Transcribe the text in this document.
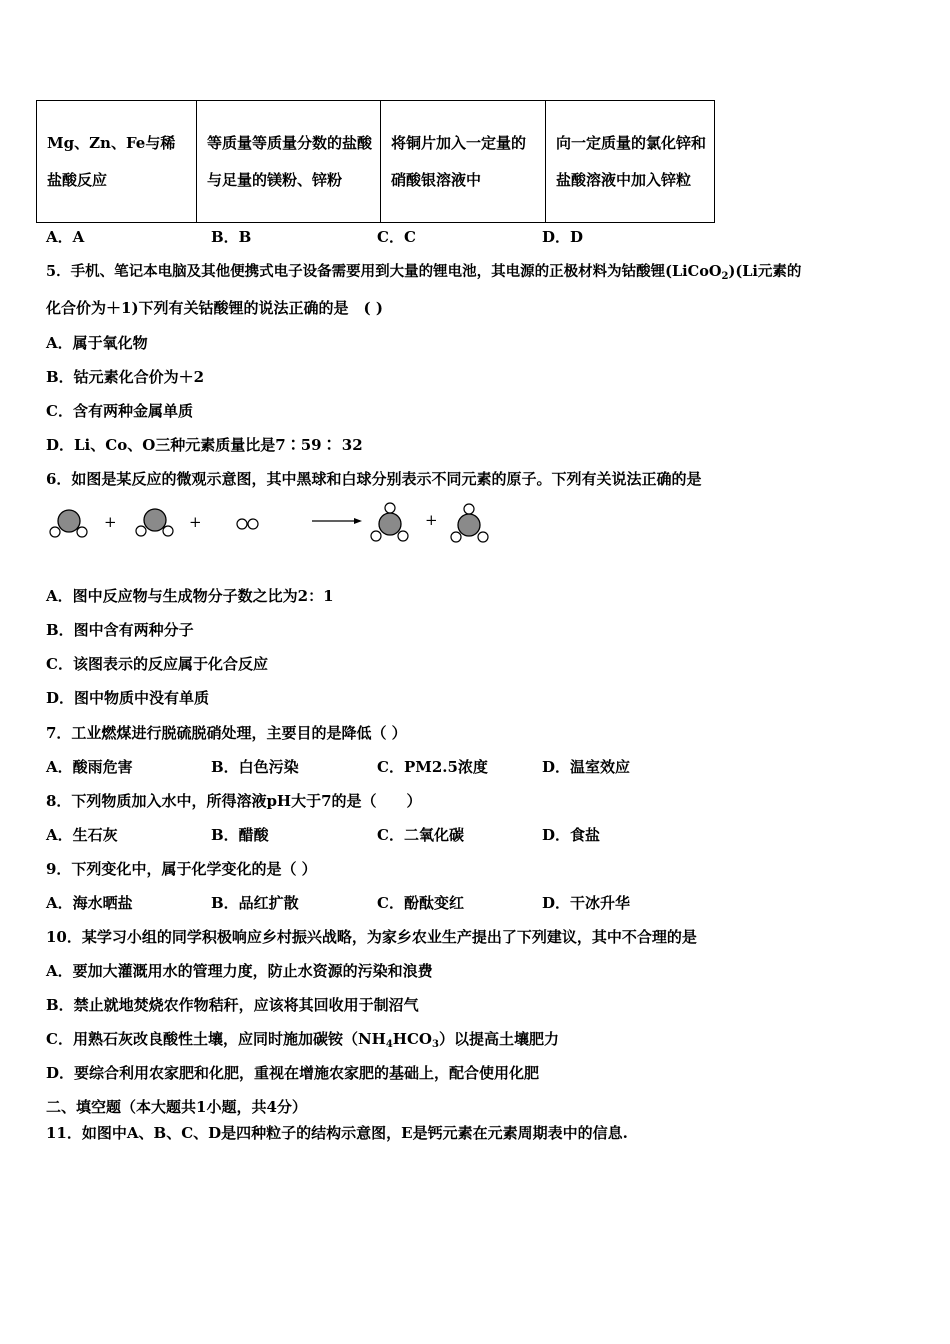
Mg、Zn、Fe与稀盐酸反应	等质量等质量分数的盐酸与足量的镁粉、锌粉	将铜片加入一定量的硝酸银溶液中	向一定质量的氯化锌和盐酸溶液中加入锌粒
A．A	B．B	C．C	D．D
5．手机、笔记本电脑及其他便携式电子设备需要用到大量的锂电池，其电源的正极材料为钴酸锂(LiCoO$_2$)(Li元素的
化合价为＋1)下列有关钴酸锂的说法正确的是　( )
A．属于氧化物
B．钴元素化合价为＋2
C．含有两种金属单质
D．Li、Co、O三种元素质量比是7∶59∶ 32
6．如图是某反应的微观示意图，其中黑球和白球分别表示不同元素的原子。下列有关说法正确的是
+	+	+
A．图中反应物与生成物分子数之比为2：1
B．图中含有两种分子
C．该图表示的反应属于化合反应
D．图中物质中没有单质
7．工业燃煤进行脱硫脱硝处理，主要目的是降低（ ）
A．酸雨危害	B．白色污染	C．PM2.5浓度	D．温室效应
8．下列物质加入水中，所得溶液pH大于7的是（　　）
A．生石灰	B．醋酸	C．二氧化碳	D．食盐
9．下列变化中，属于化学变化的是（ ）
A．海水晒盐	B．品红扩散	C．酚酞变红	D．干冰升华
10．某学习小组的同学积极响应乡村振兴战略，为家乡农业生产提出了下列建议，其中不合理的是
A．要加大灌溉用水的管理力度，防止水资源的污染和浪费
B．禁止就地焚烧农作物秸秆，应该将其回收用于制沼气
C．用熟石灰改良酸性土壤，应同时施加碳铵$(NH_4HCO_3)$以提高土壤肥力
D．要综合利用农家肥和化肥，重视在增施农家肥的基础上，配合使用化肥
二、填空题（本大题共1小题，共4分）
11．如图中A、B、C、D是四种粒子的结构示意图，E是钙元素在元素周期表中的信息.
